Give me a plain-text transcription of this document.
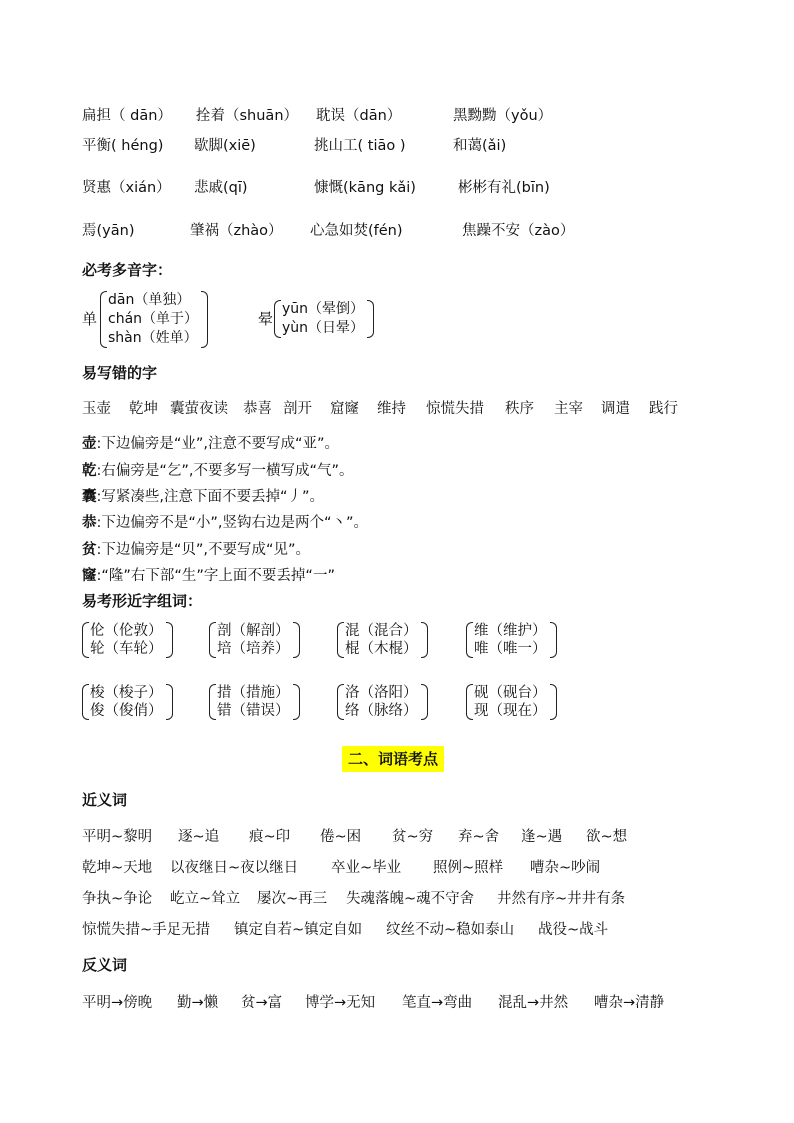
扁担（ dān） 拴着（shuān） 耽误（dān）	黑黝黝（yǒu）
平衡( héng) 歇脚(xiē)	挑山工( tiāo )	和蔼(ǎi)
贤惠（xián） 悲戚(qī)	慷慨(kāng kǎi)	彬彬有礼(bīn)
焉(yān)	肇祸（zhào） 心急如焚(fén)	焦躁不安（zào）
必考多音字：
单
dān（单独）
chán（单于）
shàn（姓单）
晕
yūn（晕倒）
yùn（日晕）
易写错的字
玉壶 乾坤 囊萤夜读 恭喜 剖开 窟窿 维持 惊慌失措 秩序 主宰 调遣 践行
壶:下边偏旁是“业”,注意不要写成“亚”。
乾:右偏旁是“乞”,不要多写一横写成“气”。
囊:写紧凑些,注意下面不要丢掉“丿”。
恭:下边偏旁不是“小”,竖钩右边是两个“丶”。
贫:下边偏旁是“贝”,不要写成“见”。
窿:“隆”右下部“生”字上面不要丢掉“一”
易考形近字组词：
伦（伦敦）
轮（车轮）
剖（解剖）
培（培养）
混（混合）
棍（木棍）
维（维护）
唯（唯一）
梭（梭子）
俊（俊俏）
措（措施）
错（错误）
洛（洛阳）
络（脉络）
砚（砚台）
现（现在）
二、词语考点
近义词
平明~黎明 逐~追 痕~印 倦~困 贫~穷 弃~舍 逢~遇 欲~想
乾坤~天地 以夜继日~夜以继日 卒业~毕业 照例~照样 嘈杂~吵闹
争执~争论 屹立~耸立 屡次~再三 失魂落魄~魂不守舍 井然有序~井井有条
惊慌失措~手足无措 镇定自若~镇定自如 纹丝不动~稳如泰山 战役~战斗
反义词
平明→傍晚 勤→懒 贫→富 博学→无知 笔直→弯曲 混乱→井然 嘈杂→清静
